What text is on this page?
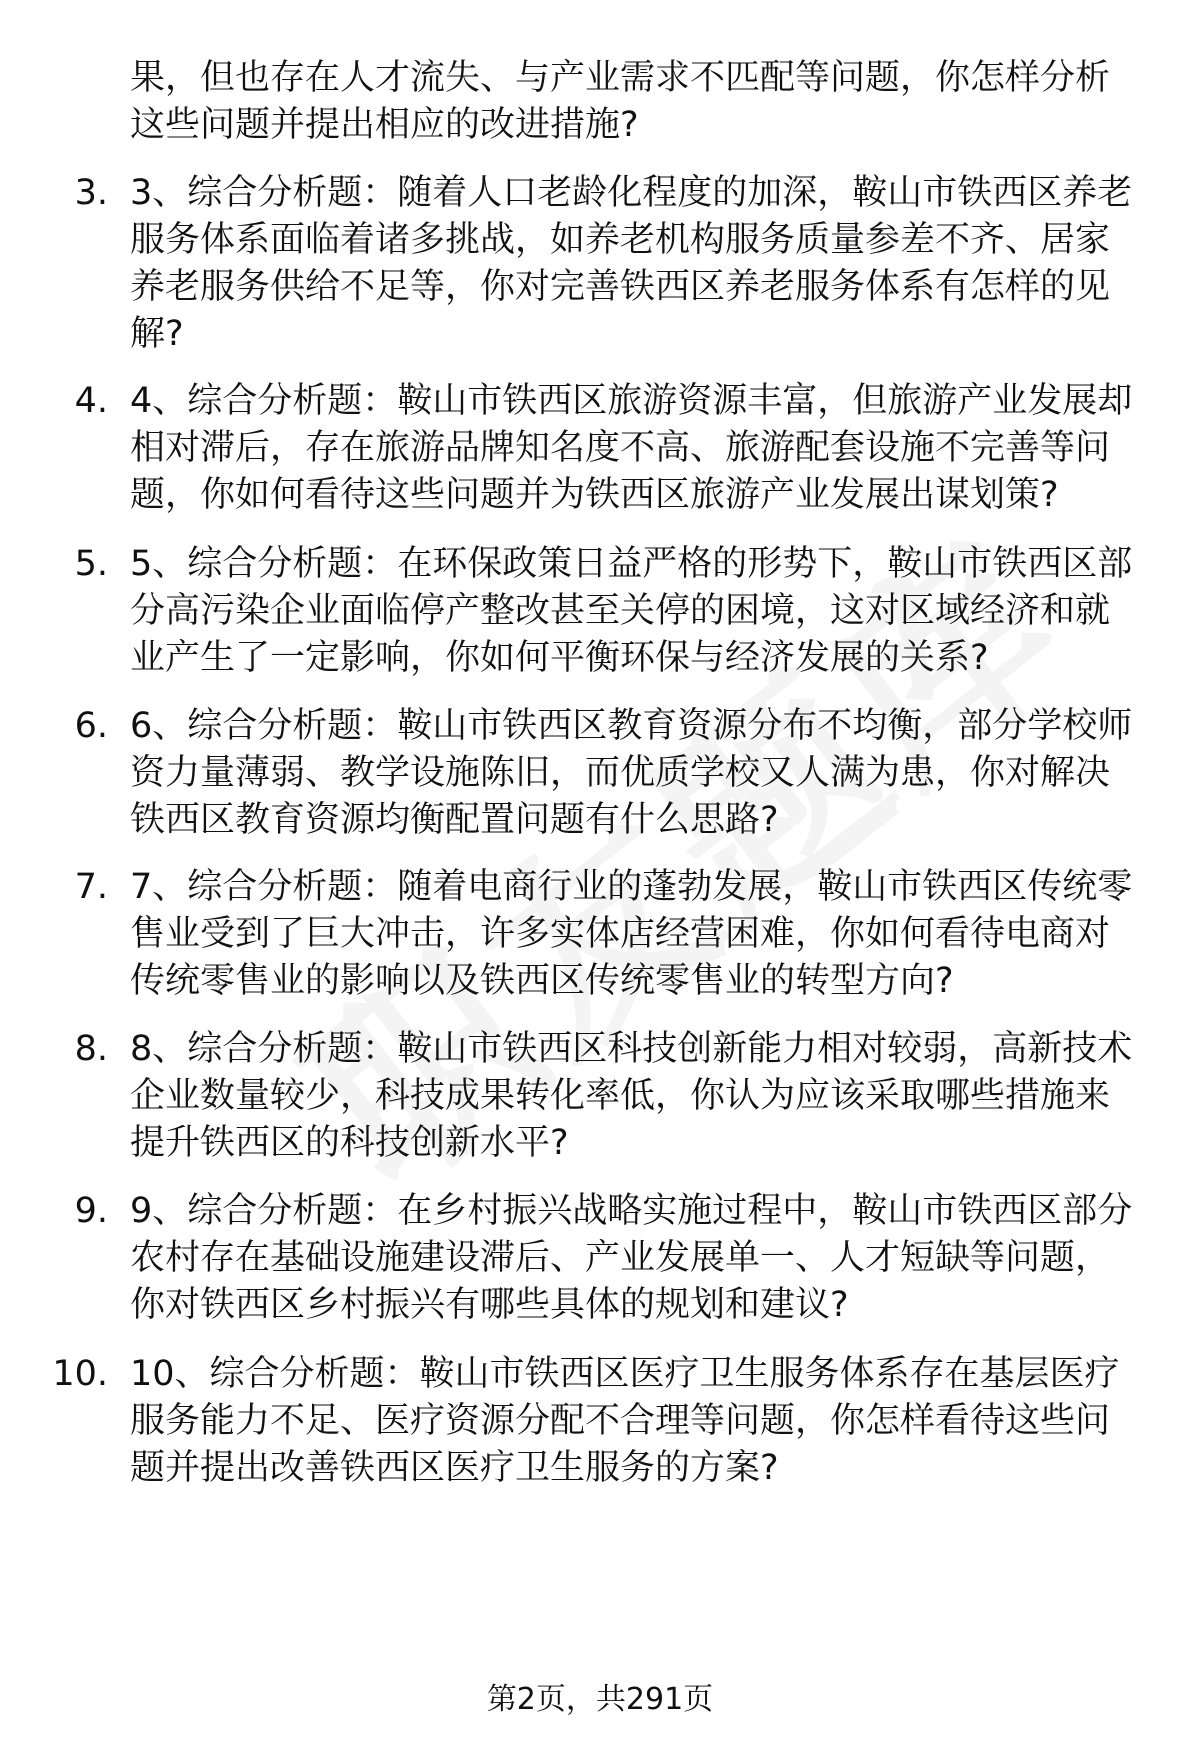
果，但也存在人才流失、与产业需求不匹配等问题，你怎样分析
这些问题并提出相应的改进措施?
3. 3、综合分析题：随着人口老龄化程度的加深，鞍山市铁西区养老
服务体系面临着诸多挑战，如养老机构服务质量参差不齐、居家
养老服务供给不足等，你对完善铁西区养老服务体系有怎样的见
解?
4. 4、综合分析题：鞍山市铁西区旅游资源丰富，但旅游产业发展却
相对滞后，存在旅游品牌知名度不高、旅游配套设施不完善等问
题，你如何看待这些问题并为铁西区旅游产业发展出谋划策?
5. 5、综合分析题：在环保政策日益严格的形势下，鞍山市铁西区部
分高污染企业面临停产整改甚至关停的困境，这对区域经济和就
业产生了一定影响，你如何平衡环保与经济发展的关系?
6. 6、综合分析题：鞍山市铁西区教育资源分布不均衡，部分学校师
资力量薄弱、教学设施陈旧，而优质学校又人满为患，你对解决
铁西区教育资源均衡配置问题有什么思路?
7. 7、综合分析题：随着电商行业的蓬勃发展，鞍山市铁西区传统零
售业受到了巨大冲击，许多实体店经营困难，你如何看待电商对
传统零售业的影响以及铁西区传统零售业的转型方向?
8. 8、综合分析题：鞍山市铁西区科技创新能力相对较弱，高新技术
企业数量较少，科技成果转化率低，你认为应该采取哪些措施来
提升铁西区的科技创新水平?
9. 9、综合分析题：在乡村振兴战略实施过程中，鞍山市铁西区部分
农村存在基础设施建设滞后、产业发展单一、人才短缺等问题，
你对铁西区乡村振兴有哪些具体的规划和建议?
10. 10、综合分析题：鞍山市铁西区医疗卫生服务体系存在基层医疗
服务能力不足、医疗资源分配不合理等问题，你怎样看待这些问
题并提出改善铁西区医疗卫生服务的方案?
第2页，共291页
